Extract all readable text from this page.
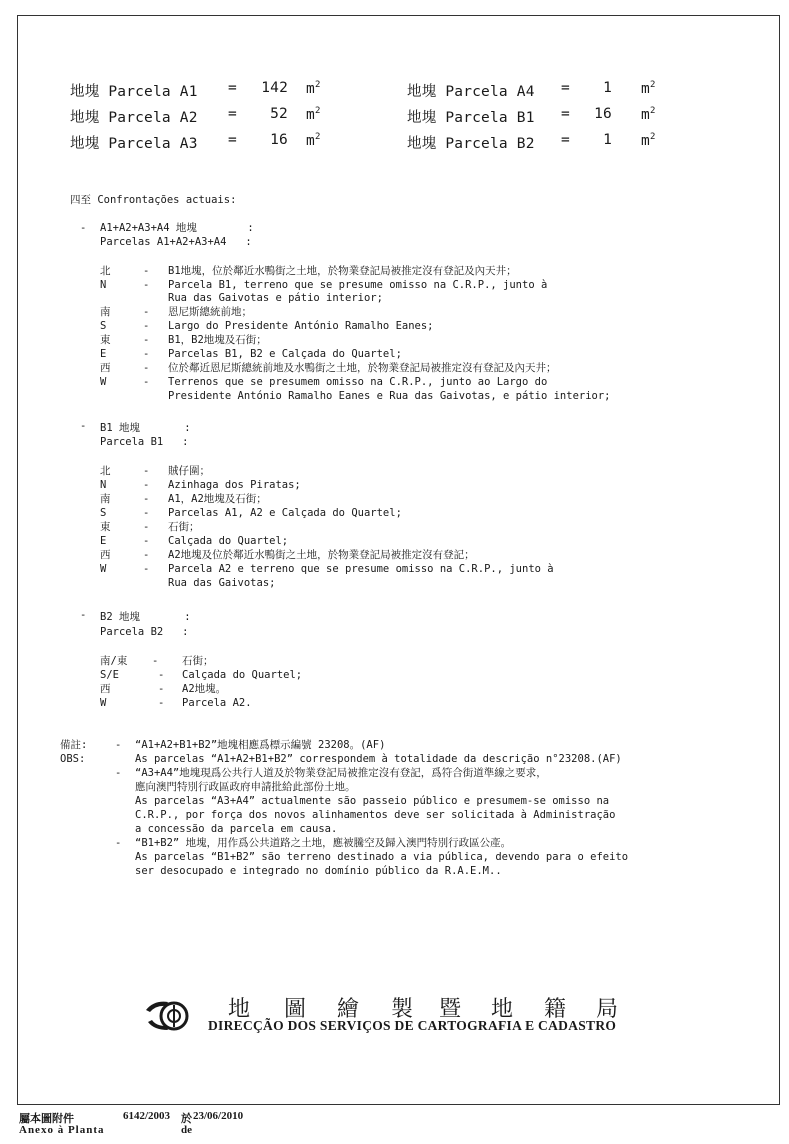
地塊 Parcela A1 = 142 $m^2$
地塊 Parcela A2 =	52 $m^2$
地塊 Parcela A3 =	16 $m^2$
地塊 Parcela A4 =	1 $m^2$
地塊 Parcela B1 =	16 $m^2$
地塊 Parcela B2 =	1 $m^2$
四至 Confrontações actuais:
- A1+A2+A3+A4 地塊        :
Parcelas A1+A2+A3+A4   :
北	- B1地塊，位於鄰近水鴨街之土地，於物業登記局被推定沒有登記及內天井；
N	- Parcela B1, terreno que se presume omisso na C.R.P., junto à
Rua das Gaivotas e pátio interior;
南	- 恩尼斯總統前地；
S	- Largo do Presidente António Ramalho Eanes;
東	- B1，B2地塊及石街；
E	- Parcelas B1, B2 e Calçada do Quartel;
西	- 位於鄰近恩尼斯總統前地及水鴨街之土地，於物業登記局被推定沒有登記及內天井；
W	- Terrenos que se presumem omisso na C.R.P., junto ao Largo do
Presidente António Ramalho Eanes e Rua das Gaivotas, e pátio interior;
- B1 地塊       :
Parcela B1   :
北	- 賊仔圍；
N	- Azinhaga dos Piratas;
南	- A1，A2地塊及石街；
S	- Parcelas A1, A2 e Calçada do Quartel;
東	- 石街；
E	- Calçada do Quartel;
西	- A2地塊及位於鄰近水鴨街之土地，於物業登記局被推定沒有登記；
W	- Parcela A2 e terreno que se presume omisso na C.R.P., junto à
Rua das Gaivotas;
- B2 地塊       :
Parcela B2   :
南/東 - 石街；
S/E	- Calçada do Quartel;
西	- A2地塊。
W	- Parcela A2.
備註:
OBS:
- “A1+A2+B1+B2”地塊相應爲標示編號 23208。(AF)
As parcelas “A1+A2+B1+B2” correspondem à totalidade da descrição n°23208.(AF)
- “A3+A4”地塊現爲公共行人道及於物業登記局被推定沒有登記，爲符合街道準線之要求，
應向澳門特別行政區政府申請批給此部份土地。
As parcelas “A3+A4” actualmente são passeio público e presumem-se omisso na
C.R.P., por força dos novos alinhamentos deve ser solicitada à Administração
a concessão da parcela em causa.
- “B1+B2” 地塊，用作爲公共道路之土地，應被騰空及歸入澳門特別行政區公產。
As parcelas “B1+B2” são terreno destinado a via pública, devendo para o efeito
ser desocupado e integrado no domínio público da R.A.E.M..
地 圖 繪 製 暨 地 籍 局
DIRECÇÃO DOS SERVIÇOS DE CARTOGRAFIA E CADASTRO
屬本圖附件
Anexo à Planta
6142/2003 於 23/06/2010
de
